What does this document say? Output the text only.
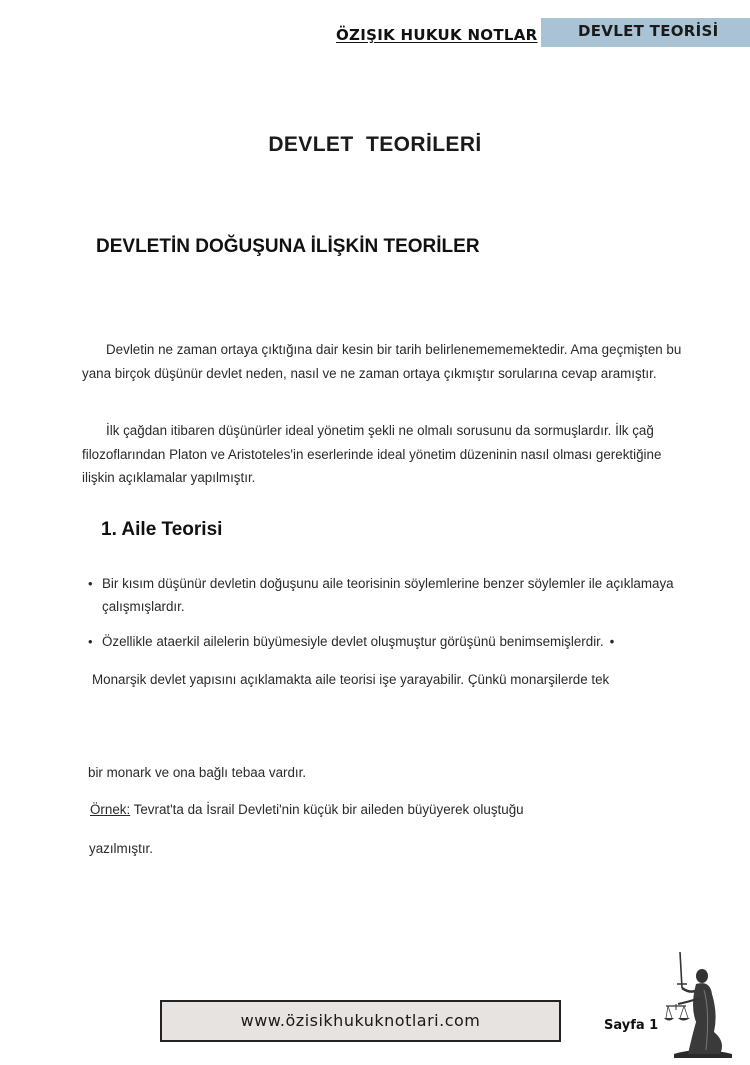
ÖZIŞIK HUKUK NOTLAR	DEVLET TEORİSİ
DEVLET  TEORİLERİ
DEVLETİN DOĞUŞUNA İLİŞKİN TEORİLER

Devletin ne zaman ortaya çıktığına dair kesin bir tarih belirlenemememektedir. Ama geçmişten bu yana birçok düşünür devlet neden, nasıl ve ne zaman ortaya çıkmıştır sorularına cevap aramıştır.

İlk çağdan itibaren düşünürler ideal yönetim şekli ne olmalı sorusunu da sormuşlardır. İlk çağ filozoflarından Platon ve Aristoteles'in eserlerinde ideal yönetim düzeninin nasıl olması gerektiğine ilişkin açıklamalar yapılmıştır.

1. Aile Teorisi
• Bir kısım düşünür devletin doğuşunu aile teorisinin söylemlerine benzer söylemler ile açıklamaya çalışmışlardır.
• Özellikle ataerkil ailelerin büyümesiyle devlet oluşmuştur görüşünü benimsemişlerdir. •
Monarşik devlet yapısını açıklamakta aile teorisi işe yarayabilir. Çünkü monarşilerde tek
bir monark ve ona bağlı tebaa vardır.
Örnek: Tevrat'ta da İsrail Devleti'nin küçük bir aileden büyüyerek oluştuğu
yazılmıştır.
www.özisikhukuknotlari.com	Sayfa 1
